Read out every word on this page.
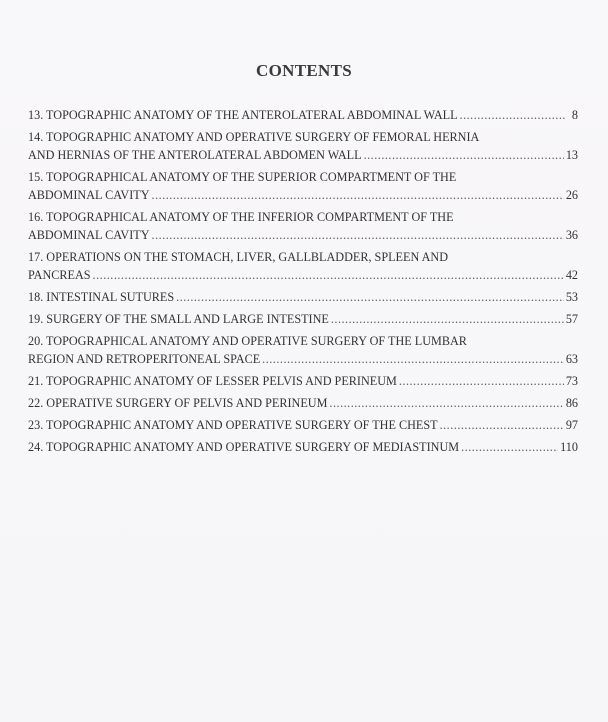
CONTENTS
13. TOPOGRAPHIC ANATOMY OF THE ANTEROLATERAL ABDOMINAL WALL .....	8
14. TOPOGRAPHIC ANATOMY AND OPERATIVE SURGERY OF FEMORAL HERNIA
AND HERNIAS OF THE ANTEROLATERAL ABDOMEN WALL .....	13
15. TOPOGRAPHICAL ANATOMY OF THE SUPERIOR COMPARTMENT OF THE
ABDOMINAL CAVITY .....	26
16. TOPOGRAPHICAL ANATOMY OF THE INFERIOR COMPARTMENT OF THE
ABDOMINAL CAVITY .....	36
17. OPERATIONS ON THE STOMACH, LIVER, GALLBLADDER, SPLEEN AND
PANCREAS .....	42
18. INTESTINAL SUTURES .....	53
19. SURGERY OF THE SMALL AND LARGE INTESTINE .....	57
20. TOPOGRAPHICAL ANATOMY AND OPERATIVE SURGERY OF THE LUMBAR
REGION AND RETROPERITONEAL SPACE .....	63
21. TOPOGRAPHIC ANATOMY OF LESSER PELVIS AND PERINEUM .....	73
22. OPERATIVE SURGERY OF PELVIS AND PERINEUM .....	86
23. TOPOGRAPHIC ANATOMY AND OPERATIVE SURGERY OF THE CHEST .....	97
24. TOPOGRAPHIC ANATOMY AND OPERATIVE SURGERY OF MEDIASTINUM .....	110
